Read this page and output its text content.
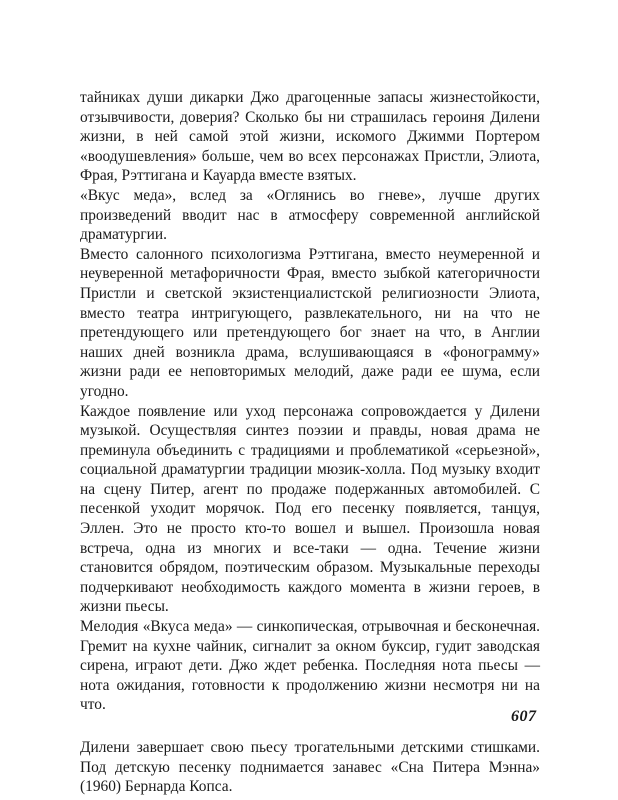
тайниках души дикарки Джо драгоценные запасы жизнестойкости, отзывчивости, доверия? Сколько бы ни страшилась героиня Дилени жизни, в ней самой этой жизни, искомого Джимми Портером «воодушевления» больше, чем во всех персонажах Пристли, Элиота, Фрая, Рэттигана и Кауарда вместе взятых.

«Вкус меда», вслед за «Оглянись во гневе», лучше других произведений вводит нас в атмосферу современной английской драматургии.

Вместо салонного психологизма Рэттигана, вместо неумеренной и неуверенной метафоричности Фрая, вместо зыбкой категоричности Пристли и светской экзистенциалистской религиозности Элиота, вместо театра интригующего, развлекательного, ни на что не претендующего или претендующего бог знает на что, в Англии наших дней возникла драма, вслушивающаяся в «фонограмму» жизни ради ее неповторимых мелодий, даже ради ее шума, если угодно.

Каждое появление или уход персонажа сопровождается у Дилени музыкой. Осуществляя синтез поэзии и правды, новая драма не преминула объединить с традициями и проблематикой «серьезной», социальной драматургии традиции мюзик-холла. Под музыку входит на сцену Питер, агент по продаже подержанных автомобилей. С песенкой уходит морячок. Под его песенку появляется, танцуя, Эллен. Это не просто кто-то вошел и вышел. Произошла новая встреча, одна из многих и все-таки — одна. Течение жизни становится обрядом, поэтическим образом. Музыкальные переходы подчеркивают необходимость каждого момента в жизни героев, в жизни пьесы.

Мелодия «Вкуса меда» — синкопическая, отрывочная и бесконечная. Гремит на кухне чайник, сигналит за окном буксир, гудит заводская сирена, играют дети. Джо ждет ребенка. Последняя нота пьесы — нота ожидания, готовности к продолжению жизни несмотря ни на что.

Дилени завершает свою пьесу трогательными детскими стишками. Под детскую песенку поднимается занавес «Сна Питера Мэнна» (1960) Бернарда Копса.

607
